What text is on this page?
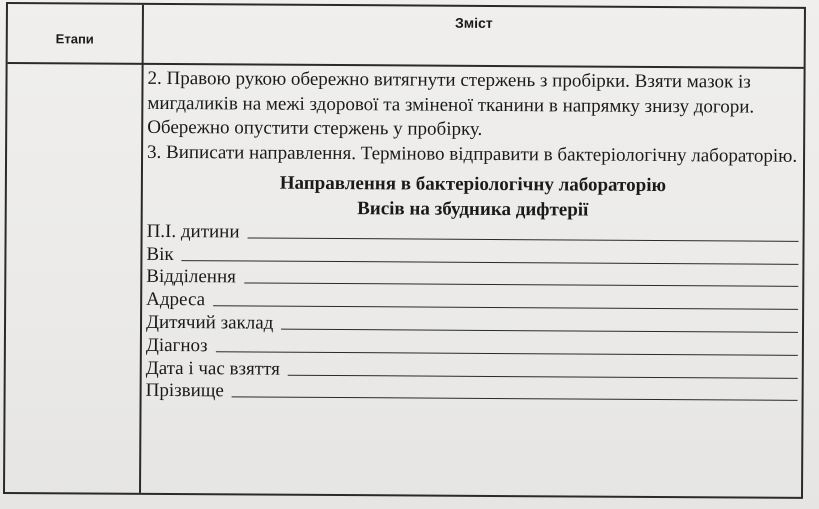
Етапи
Зміст

2. Правою рукою обережно витягнути стержень з пробірки. Взяти мазок із мигдаликів на межі здорової та зміненої тканини в напрямку знизу догори. Обережно опустити стержень у пробірку.

3. Виписати направлення. Терміново відправити в бактеріологічну лабораторію.

Направлення в бактеріологічну лабораторію
Висів на збудника дифтерії
П.І. дитини
Вік
Відділення
Адреса
Дитячий заклад
Діагноз
Дата і час взяття
Прізвище
